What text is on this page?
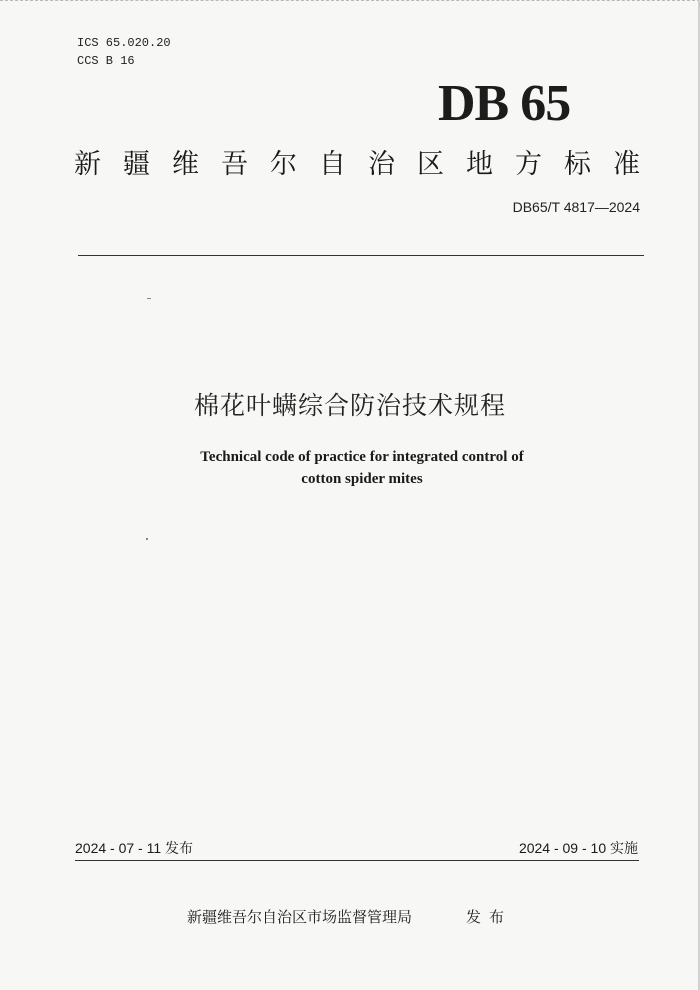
ICS 65.020.20
CCS B 16
DB 65
新 疆 维 吾 尔 自 治 区 地 方 标 准
DB65/T 4817—2024
棉花叶螨综合防治技术规程
Technical code of practice for integrated control of
cotton spider mites
2024 - 07 - 11 发布	2024 - 09 - 10 实施
新疆维吾尔自治区市场监督管理局	发布
